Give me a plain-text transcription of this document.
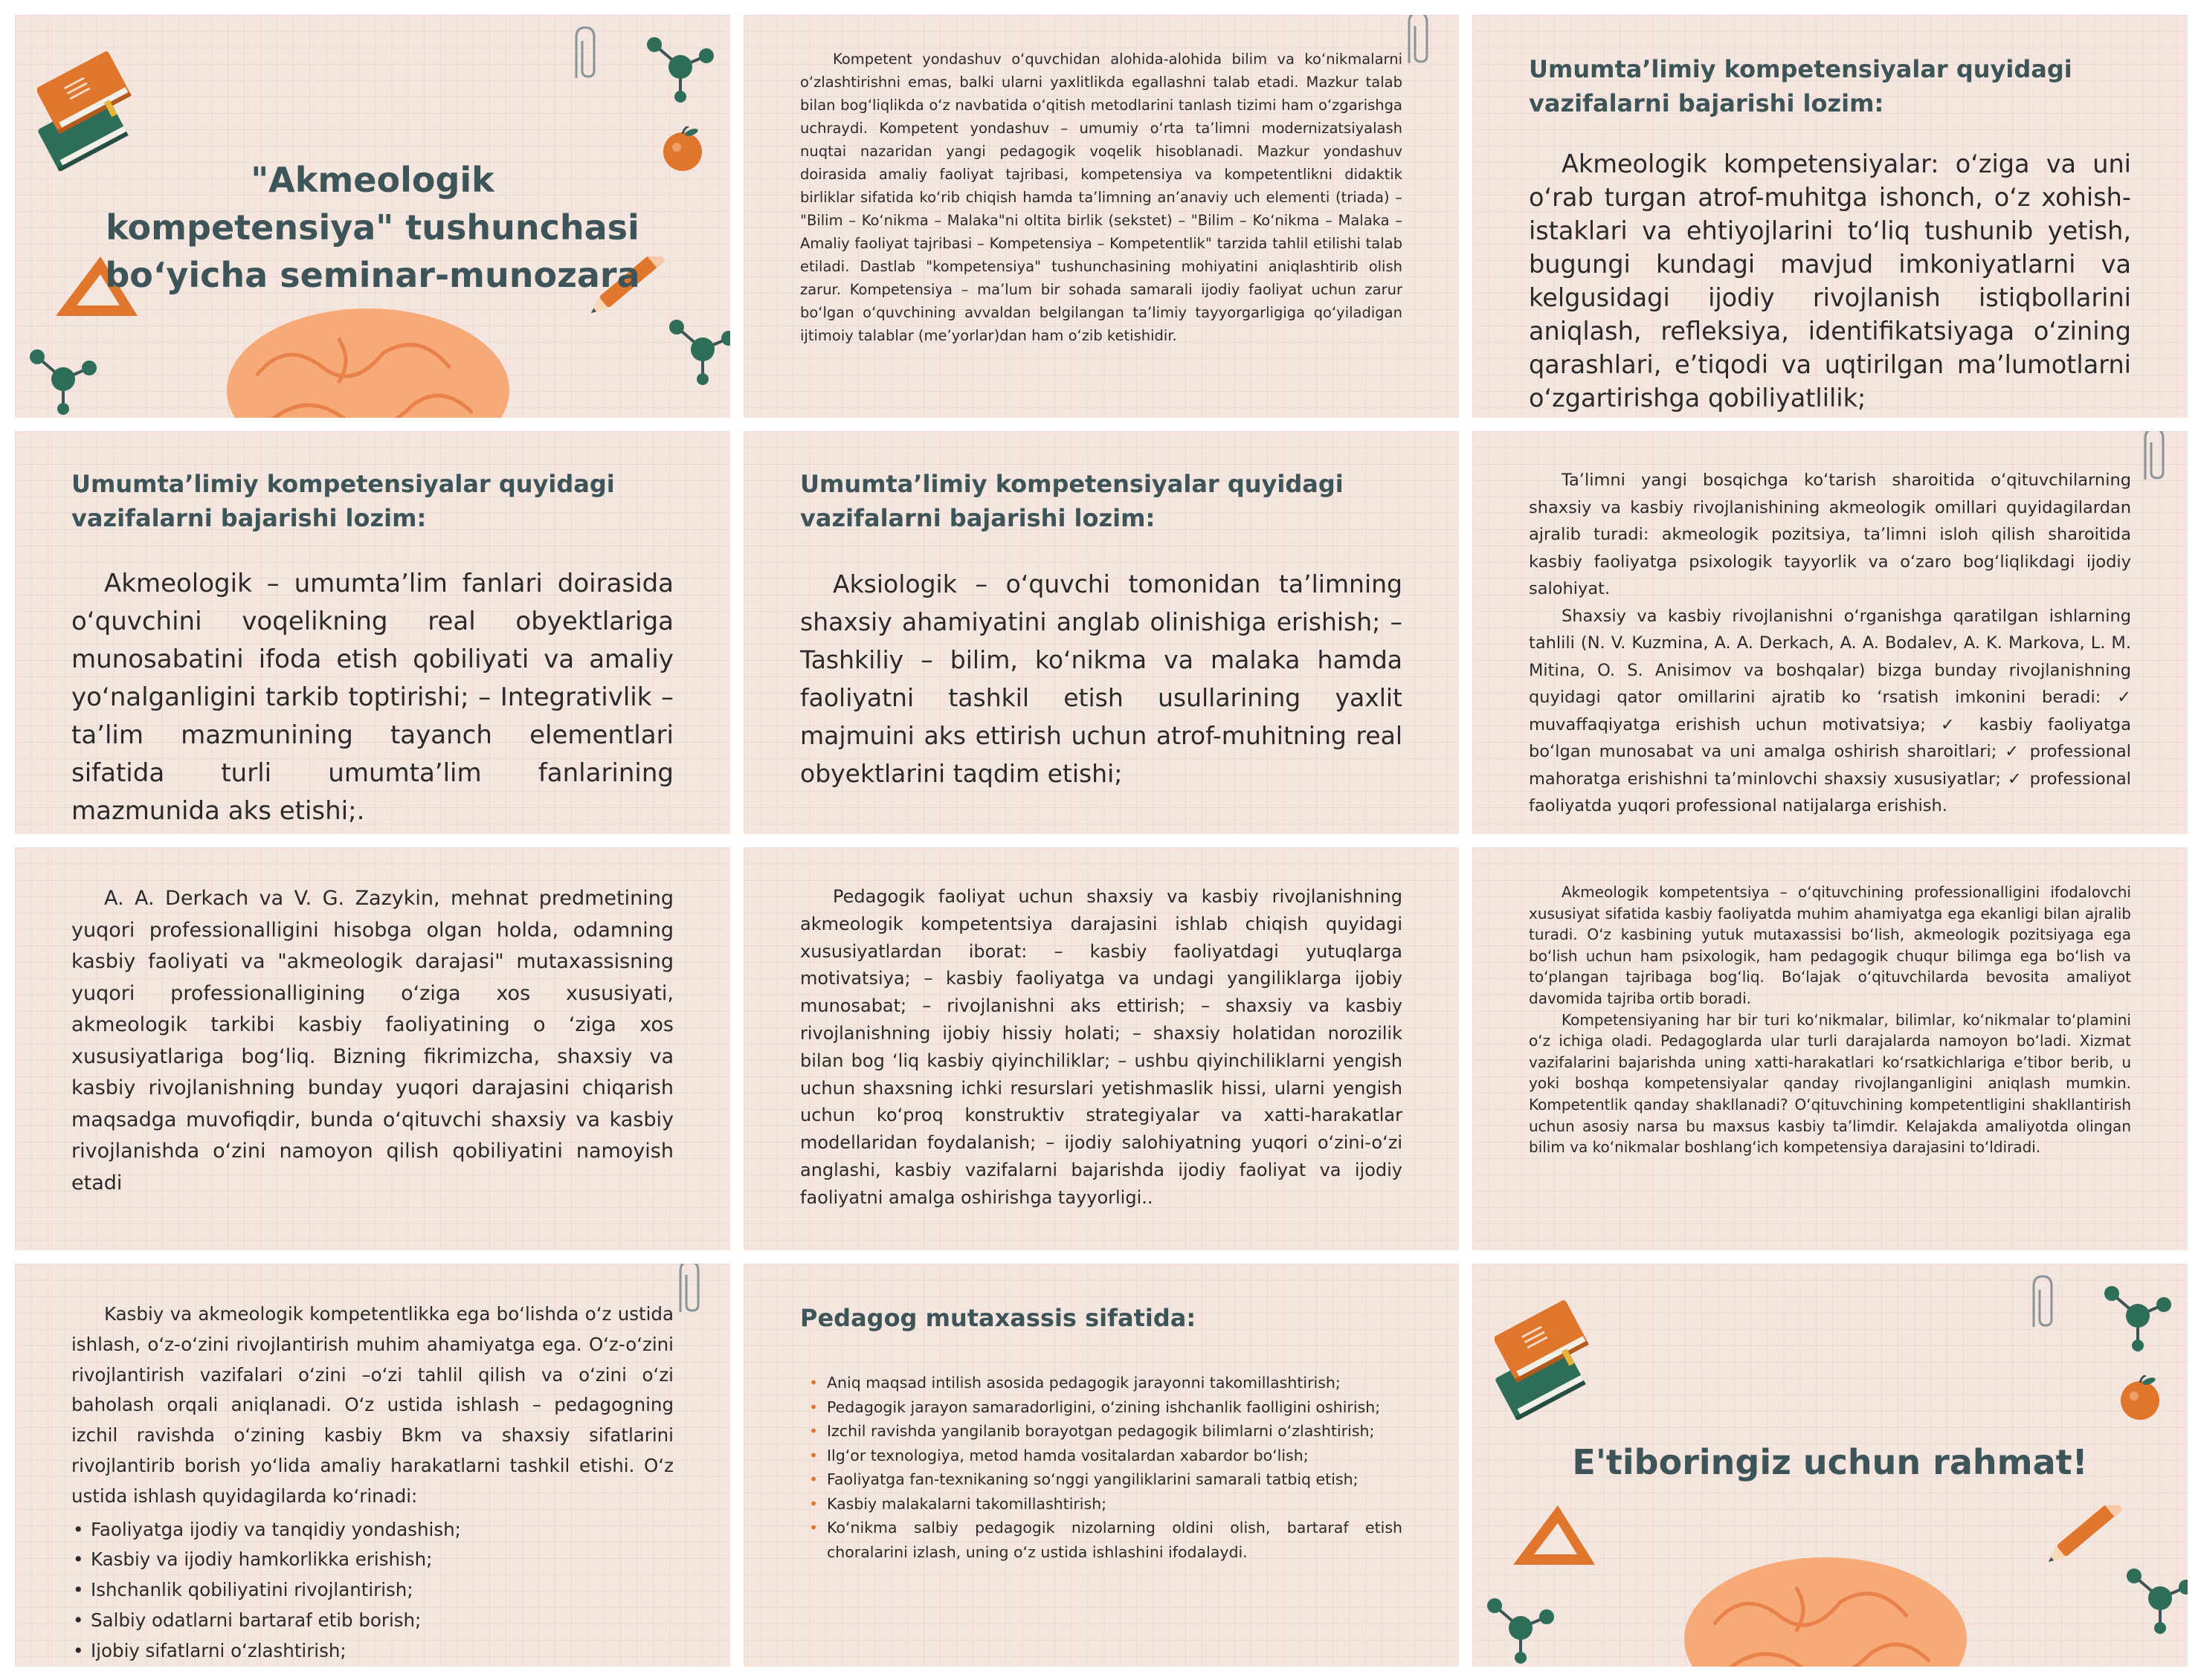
"Akmeologik kompetensiya" tushunchasi bo‘yicha seminar-munozara

Kompetent yondashuv o‘quvchidan alohida-alohida bilim va ko‘nikmalarni o‘zlashtirishni emas, balki ularni yaxlitlikda egallashni talab etadi. Mazkur talab bilan bog‘liqlikda o‘z navbatida o‘qitish metodlarini tanlash tizimi ham o‘zgarishga uchraydi. Kompetent yondashuv – umumiy o‘rta ta’limni modernizatsiyalash nuqtai nazaridan yangi pedagogik voqelik hisoblanadi. Mazkur yondashuv doirasida amaliy faoliyat tajribasi, kompetensiya va kompetentlikni didaktik birliklar sifatida ko‘rib chiqish hamda ta’limning an’anaviy uch elementi (triada) – "Bilim – Ko‘nikma – Malaka"ni oltita birlik (sekstet) – "Bilim – Ko‘nikma – Malaka – Amaliy faoliyat tajribasi – Kompetensiya – Kompetentlik" tarzida tahlil etilishi talab etiladi. Dastlab "kompetensiya" tushunchasining mohiyatini aniqlashtirib olish zarur. Kompetensiya – ma’lum bir sohada samarali ijodiy faoliyat uchun zarur bo‘lgan o‘quvchining avvaldan belgilangan ta’limiy tayyorgarligiga qo‘yiladigan ijtimoiy talablar (me’yorlar)dan ham o‘zib ketishidir.

Umumta’limiy kompetensiyalar quyidagi vazifalarni bajarishi lozim:

Akmeologik kompetensiyalar: o‘ziga va uni o‘rab turgan atrof-muhitga ishonch, o‘z xohish-istaklari va ehtiyojlarini to‘liq tushunib yetish, bugungi kundagi mavjud imkoniyatlarni va kelgusidagi ijodiy rivojlanish istiqbollarini aniqlash, refleksiya, identifikatsiyaga o‘zining qarashlari, e’tiqodi va uqtirilgan ma’lumotlarni o‘zgartirishga qobiliyatlilik;

Umumta’limiy kompetensiyalar quyidagi vazifalarni bajarishi lozim:

Akmeologik – umumta’lim fanlari doirasida o‘quvchini voqelikning real obyektlariga munosabatini ifoda etish qobiliyati va amaliy yo‘nalganligini tarkib toptirishi; – Integrativlik – ta’lim mazmunining tayanch elementlari sifatida turli umumta’lim fanlarining mazmunida aks etishi;.

Umumta’limiy kompetensiyalar quyidagi vazifalarni bajarishi lozim:

Aksiologik – o‘quvchi tomonidan ta’limning shaxsiy ahamiyatini anglab olinishiga erishish; – Tashkiliy – bilim, ko‘nikma va malaka hamda faoliyatni tashkil etish usullarining yaxlit majmuini aks ettirish uchun atrof-muhitning real obyektlarini taqdim etishi;

Ta’limni yangi bosqichga ko‘tarish sharoitida o‘qituvchilarning shaxsiy va kasbiy rivojlanishining akmeologik omillari quyidagilardan ajralib turadi: akmeologik pozitsiya, ta’limni isloh qilish sharoitida kasbiy faoliyatga psixologik tayyorlik va o‘zaro bog‘liqlikdagi ijodiy salohiyat.

Shaxsiy va kasbiy rivojlanishni o‘rganishga qaratilgan ishlarning tahlili (N. V. Kuzmina, A. A. Derkach, A. A. Bodalev, A. K. Markova, L. M. Mitina, O. S. Anisimov va boshqalar) bizga bunday rivojlanishning quyidagi qator omillarini ajratib ko ‘rsatish imkonini beradi: ✓ muvaffaqiyatga erishish uchun motivatsiya; ✓ kasbiy faoliyatga bo‘lgan munosabat va uni amalga oshirish sharoitlari; ✓ professional mahoratga erishishni ta’minlovchi shaxsiy xususiyatlar; ✓ professional faoliyatda yuqori professional natijalarga erishish.

A. A. Derkach va V. G. Zazykin, mehnat predmetining yuqori professionalligini hisobga olgan holda, odamning kasbiy faoliyati va "akmeologik darajasi" mutaxassisning yuqori professionalligining o‘ziga xos xususiyati, akmeologik tarkibi kasbiy faoliyatining o ‘ziga xos xususiyatlariga bog‘liq. Bizning fikrimizcha, shaxsiy va kasbiy rivojlanishning bunday yuqori darajasini chiqarish maqsadga muvofiqdir, bunda o‘qituvchi shaxsiy va kasbiy rivojlanishda o‘zini namoyon qilish qobiliyatini namoyish etadi

Pedagogik faoliyat uchun shaxsiy va kasbiy rivojlanishning akmeologik kompetentsiya darajasini ishlab chiqish quyidagi xususiyatlardan iborat: – kasbiy faoliyatdagi yutuqlarga motivatsiya; – kasbiy faoliyatga va undagi yangiliklarga ijobiy munosabat; – rivojlanishni aks ettirish; – shaxsiy va kasbiy rivojlanishning ijobiy hissiy holati; – shaxsiy holatidan norozilik bilan bog ‘liq kasbiy qiyinchiliklar; – ushbu qiyinchiliklarni yengish uchun shaxsning ichki resurslari yetishmaslik hissi, ularni yengish uchun ko‘proq konstruktiv strategiyalar va xatti-harakatlar modellaridan foydalanish; – ijodiy salohiyatning yuqori o‘zini-o‘zi anglashi, kasbiy vazifalarni bajarishda ijodiy faoliyat va ijodiy faoliyatni amalga oshirishga tayyorligi..

Akmeologik kompetentsiya – o‘qituvchining professionalligini ifodalovchi xususiyat sifatida kasbiy faoliyatda muhim ahamiyatga ega ekanligi bilan ajralib turadi. O‘z kasbining yutuk mutaxassisi bo‘lish, akmeologik pozitsiyaga ega bo‘lish uchun ham psixologik, ham pedagogik chuqur bilimga ega bo‘lish va to‘plangan tajribaga bog‘liq. Bo‘lajak o‘qituvchilarda bevosita amaliyot davomida tajriba ortib boradi.

Kompetensiyaning har bir turi ko‘nikmalar, bilimlar, ko‘nikmalar to‘plamini o‘z ichiga oladi. Pedagoglarda ular turli darajalarda namoyon bo‘ladi. Xizmat vazifalarini bajarishda uning xatti-harakatlari ko‘rsatkichlariga e’tibor berib, u yoki boshqa kompetensiyalar qanday rivojlanganligini aniqlash mumkin. Kompetentlik qanday shakllanadi? O‘qituvchining kompetentligini shakllantirish uchun asosiy narsa bu maxsus kasbiy ta’limdir. Kelajakda amaliyotda olingan bilim va ko‘nikmalar boshlang‘ich kompetensiya darajasini to‘ldiradi.

Kasbiy va akmeologik kompetentlikka ega bo‘lishda o‘z ustida ishlash, o‘z-o‘zini rivojlantirish muhim ahamiyatga ega. O‘z-o‘zini rivojlantirish vazifalari o‘zini –o‘zi tahlil qilish va o‘zini o‘zi baholash orqali aniqlanadi. O‘z ustida ishlash – pedagogning izchil ravishda o‘zining kasbiy Bkm va shaxsiy sifatlarini rivojlantirib borish yo‘lida amaliy harakatlarni tashkil etishi. O‘z ustida ishlash quyidagilarda ko‘rinadi:

• Faoliyatga ijodiy va tanqidiy yondashish;
• Kasbiy va ijodiy hamkorlikka erishish;
• Ishchanlik qobiliyatini rivojlantirish;
• Salbiy odatlarni bartaraf etib borish;
• Ijobiy sifatlarni o‘zlashtirish;
Pedagog mutaxassis sifatida:
• Aniq maqsad intilish asosida pedagogik jarayonni takomillashtirish;
• Pedagogik jarayon samaradorligini, o‘zining ishchanlik faolligini oshirish;
• Izchil ravishda yangilanib borayotgan pedagogik bilimlarni o‘zlashtirish;
• Ilg‘or texnologiya, metod hamda vositalardan xabardor bo‘lish;
• Faoliyatga fan-texnikaning so‘nggi yangiliklarini samarali tatbiq etish;
• Kasbiy malakalarni takomillashtirish;
• Ko‘nikma salbiy pedagogik nizolarning oldini olish, bartaraf etish choralarini izlash, uning o‘z ustida ishlashini ifodalaydi.
E'tiboringiz uchun rahmat!
